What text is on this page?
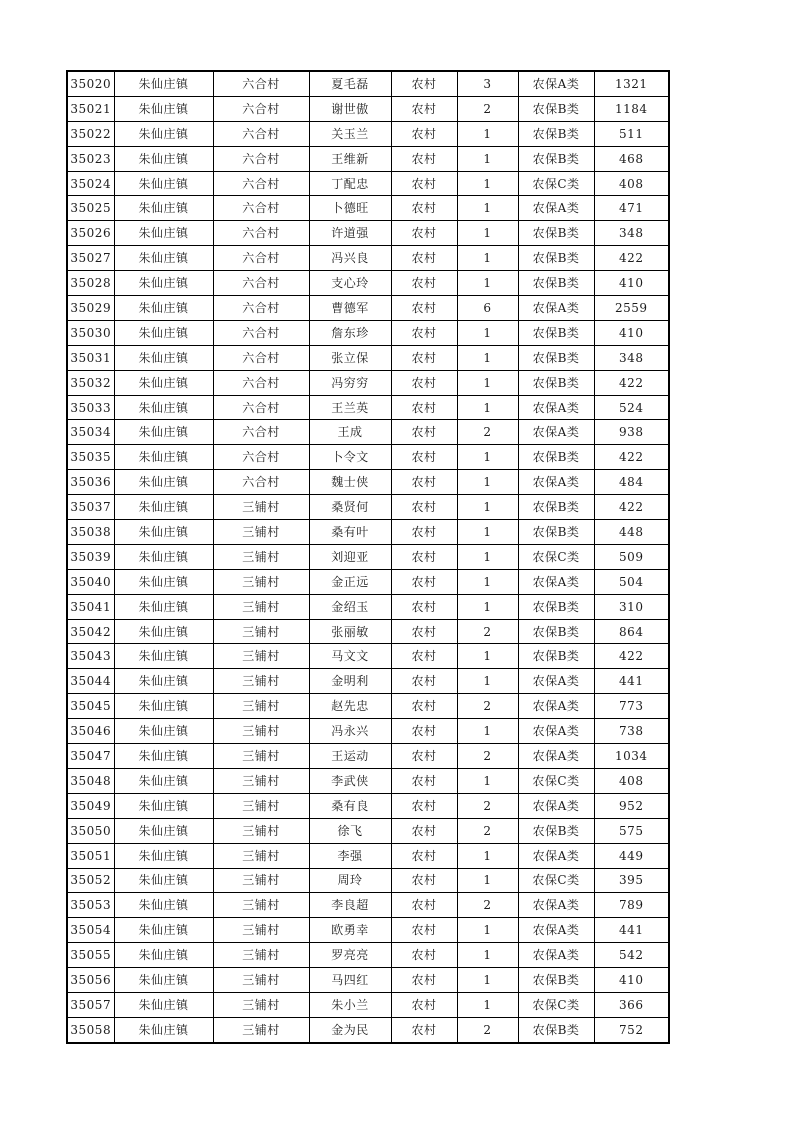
35020	朱仙庄镇	六合村	夏毛磊	农村	3	农保A类	1321
35021	朱仙庄镇	六合村	谢世傲	农村	2	农保B类	1184
35022	朱仙庄镇	六合村	关玉兰	农村	1	农保B类	511
35023	朱仙庄镇	六合村	王维新	农村	1	农保B类	468
35024	朱仙庄镇	六合村	丁配忠	农村	1	农保C类	408
35025	朱仙庄镇	六合村	卜德旺	农村	1	农保A类	471
35026	朱仙庄镇	六合村	许道强	农村	1	农保B类	348
35027	朱仙庄镇	六合村	冯兴良	农村	1	农保B类	422
35028	朱仙庄镇	六合村	支心玲	农村	1	农保B类	410
35029	朱仙庄镇	六合村	曹德军	农村	6	农保A类	2559
35030	朱仙庄镇	六合村	詹东珍	农村	1	农保B类	410
35031	朱仙庄镇	六合村	张立保	农村	1	农保B类	348
35032	朱仙庄镇	六合村	冯穷穷	农村	1	农保B类	422
35033	朱仙庄镇	六合村	王兰英	农村	1	农保A类	524
35034	朱仙庄镇	六合村	王成	农村	2	农保A类	938
35035	朱仙庄镇	六合村	卜令文	农村	1	农保B类	422
35036	朱仙庄镇	六合村	魏士侠	农村	1	农保A类	484
35037	朱仙庄镇	三铺村	桑贤何	农村	1	农保B类	422
35038	朱仙庄镇	三铺村	桑有叶	农村	1	农保B类	448
35039	朱仙庄镇	三铺村	刘迎亚	农村	1	农保C类	509
35040	朱仙庄镇	三铺村	金正远	农村	1	农保A类	504
35041	朱仙庄镇	三铺村	金绍玉	农村	1	农保B类	310
35042	朱仙庄镇	三铺村	张丽敏	农村	2	农保B类	864
35043	朱仙庄镇	三铺村	马文文	农村	1	农保B类	422
35044	朱仙庄镇	三铺村	金明利	农村	1	农保A类	441
35045	朱仙庄镇	三铺村	赵先忠	农村	2	农保A类	773
35046	朱仙庄镇	三铺村	冯永兴	农村	1	农保A类	738
35047	朱仙庄镇	三铺村	王运动	农村	2	农保A类	1034
35048	朱仙庄镇	三铺村	李武侠	农村	1	农保C类	408
35049	朱仙庄镇	三铺村	桑有良	农村	2	农保A类	952
35050	朱仙庄镇	三铺村	徐飞	农村	2	农保B类	575
35051	朱仙庄镇	三铺村	李强	农村	1	农保A类	449
35052	朱仙庄镇	三铺村	周玲	农村	1	农保C类	395
35053	朱仙庄镇	三铺村	李良超	农村	2	农保A类	789
35054	朱仙庄镇	三铺村	欧勇幸	农村	1	农保A类	441
35055	朱仙庄镇	三铺村	罗亮亮	农村	1	农保A类	542
35056	朱仙庄镇	三铺村	马四红	农村	1	农保B类	410
35057	朱仙庄镇	三铺村	朱小兰	农村	1	农保C类	366
35058	朱仙庄镇	三铺村	金为民	农村	2	农保B类	752
